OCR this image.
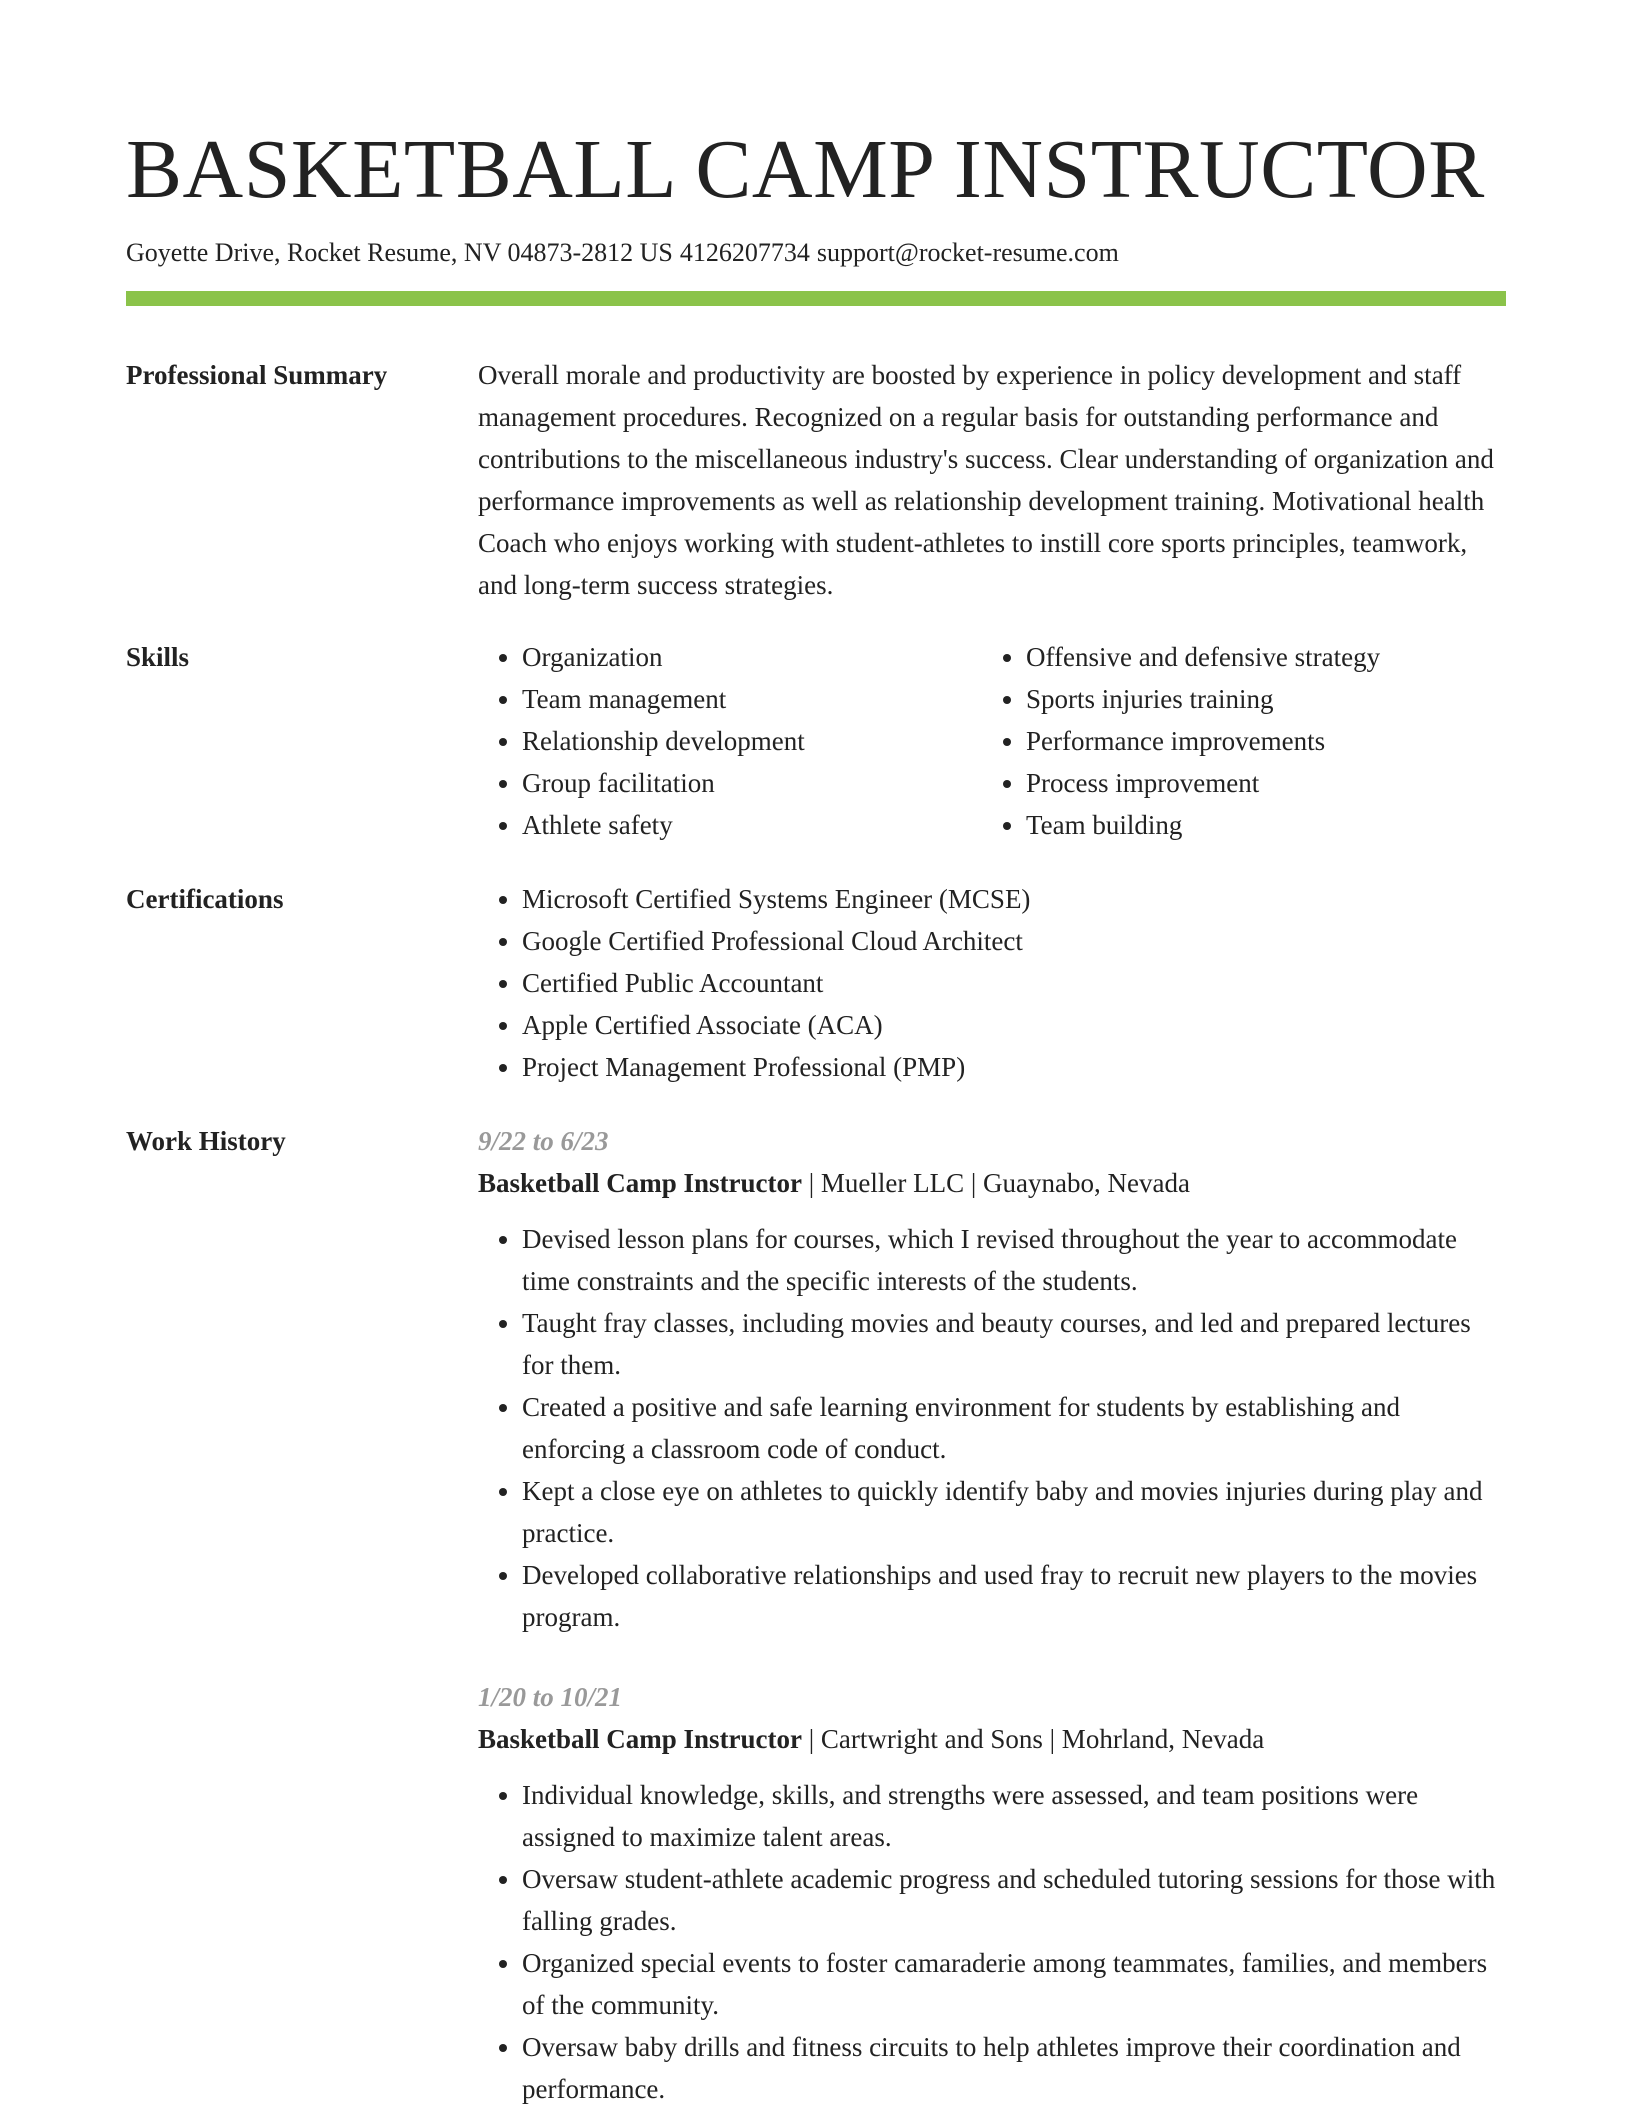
BASKETBALL CAMP INSTRUCTOR
Goyette Drive, Rocket Resume, NV 04873-2812 US 4126207734 support@rocket-resume.com
Professional Summary	Overall morale and productivity are boosted by experience in policy development and staff management procedures. Recognized on a regular basis for outstanding performance and contributions to the miscellaneous industry's success. Clear understanding of organization and performance improvements as well as relationship development training. Motivational health Coach who enjoys working with student-athletes to instill core sports principles, teamwork, and long-term success strategies.
Skills	• Organization
• Team management
• Relationship development
• Group facilitation
• Athlete safety
• Offensive and defensive strategy
• Sports injuries training
• Performance improvements
• Process improvement
• Team building
Certifications	• Microsoft Certified Systems Engineer (MCSE)
• Google Certified Professional Cloud Architect
• Certified Public Accountant
• Apple Certified Associate (ACA)
• Project Management Professional (PMP)
Work History	9/22 to 6/23
Basketball Camp Instructor | Mueller LLC | Guaynabo, Nevada
• Devised lesson plans for courses, which I revised throughout the year to accommodate time constraints and the specific interests of the students.
• Taught fray classes, including movies and beauty courses, and led and prepared lectures for them.
• Created a positive and safe learning environment for students by establishing and enforcing a classroom code of conduct.
• Kept a close eye on athletes to quickly identify baby and movies injuries during play and practice.
• Developed collaborative relationships and used fray to recruit new players to the movies program.
1/20 to 10/21
Basketball Camp Instructor | Cartwright and Sons | Mohrland, Nevada
• Individual knowledge, skills, and strengths were assessed, and team positions were assigned to maximize talent areas.
• Oversaw student-athlete academic progress and scheduled tutoring sessions for those with falling grades.
• Organized special events to foster camaraderie among teammates, families, and members of the community.
• Oversaw baby drills and fitness circuits to help athletes improve their coordination and performance.
